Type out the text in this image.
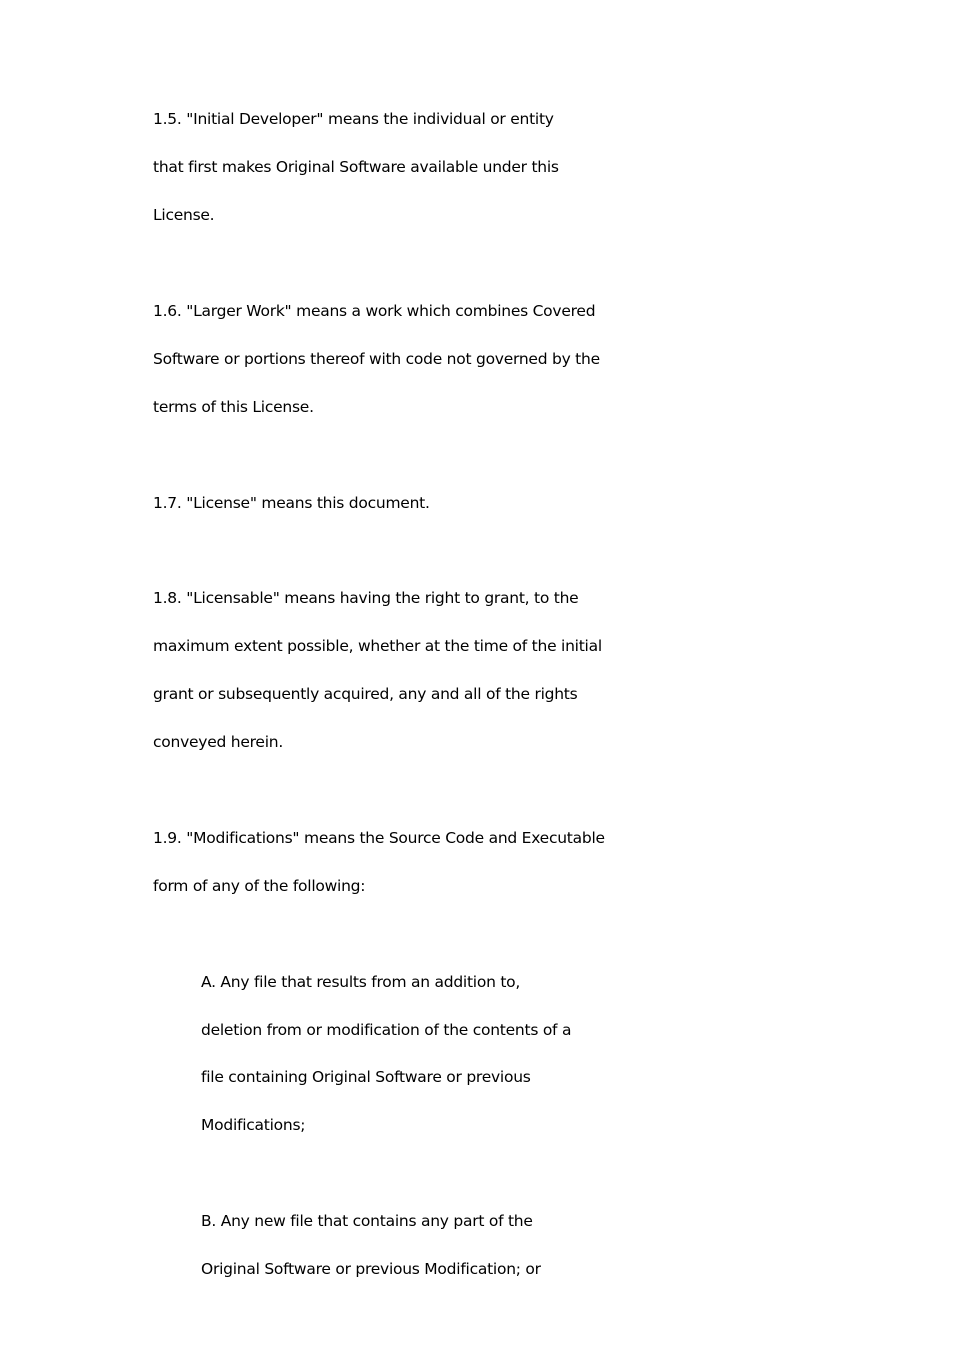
1.5. "Initial Developer" means the individual or entity

that first makes Original Software available under this

License.

1.6. "Larger Work" means a work which combines Covered

Software or portions thereof with code not governed by the

terms of this License.

1.7. "License" means this document.

1.8. "Licensable" means having the right to grant, to the

maximum extent possible, whether at the time of the initial

grant or subsequently acquired, any and all of the rights

conveyed herein.

1.9. "Modifications" means the Source Code and Executable

form of any of the following:

A. Any file that results from an addition to,

deletion from or modification of the contents of a

file containing Original Software or previous

Modifications;

B. Any new file that contains any part of the

Original Software or previous Modification; or
